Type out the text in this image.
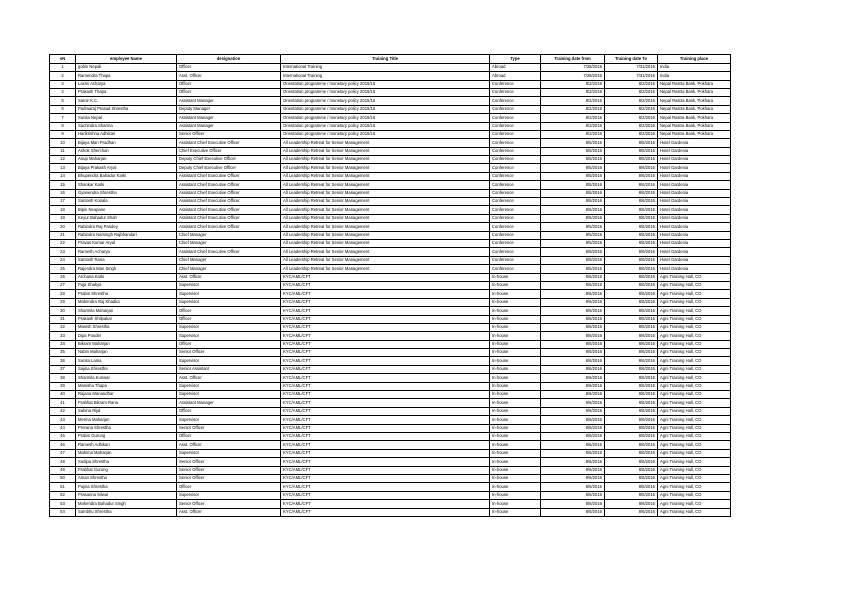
sN	employee Name	designation	Training Title	Type	Training date from	Training date To	Training place
1	gobin Nepali	Officer	International Training	Abroad	7/28/2016	7/31/2016	India
2	Ramendra Thapa	Asst. Officer	International Training	Abroad	7/28/2016	7/31/2016	India
3	Laxmi Acharya	Officer	Orientation programme / monetary policy 2015/16	Conference	8/2/2016	8/2/2016	Nepal Rastra Bank, Pokhara
4	Prakash Thapa	Officer	Orientation programme / monetary policy 2015/16	Conference	8/2/2016	8/2/2016	Nepal Rastra Bank, Pokhara
5	Samir K.C.	Assistant Manager	Orientation programme / monetary policy 2015/16	Conference	8/2/2016	8/2/2016	Nepal Rastra Bank, Pokhara
6	Padmaraj Prasad Shrestha	Deputy Manager	Orientation programme / monetary policy 2015/16	Conference	8/2/2016	8/2/2016	Nepal Rastra Bank, Pokhara
7	Sunita Nepal	Assistant Manager	Orientation programme / monetary policy 2015/16	Conference	8/2/2016	8/2/2016	Nepal Rastra Bank, Pokhara
8	Sachindra Sharma	Assistant Manager	Orientation programme / monetary policy 2015/16	Conference	8/2/2016	8/2/2016	Nepal Rastra Bank, Pokhara
9	Harikrishna Adhikari	Senior Officer	Orientation programme / monetary policy 2015/16	Conference	8/2/2016	8/2/2016	Nepal Rastra Bank, Pokhara
10	Bijaya Man Pradhan	Assistant Chief Executive Officer	All Leadership Retreat for Senior Management	Conference	8/5/2016	8/6/2016	Hotel Gardenia
11	Ashok Sherchan	Chief Executive Officer	All Leadership Retreat for Senior Management	Conference	8/5/2016	8/6/2016	Hotel Gardenia
12	Anup Maharjan	Deputy Chief Executive Officer	All Leadership Retreat for Senior Management	Conference	8/5/2016	8/6/2016	Hotel Gardenia
13	Bijaya Prakash Aryal	Deputy Chief Executive Officer	All Leadership Retreat for Senior Management	Conference	8/5/2016	8/6/2016	Hotel Gardenia
14	Bhupendra Bahadur Karki	Assistant Chief Executive Officer	All Leadership Retreat for Senior Management	Conference	8/5/2016	8/6/2016	Hotel Gardenia
15	Shankar Karki	Assistant Chief Executive Officer	All Leadership Retreat for Senior Management	Conference	8/5/2016	8/6/2016	Hotel Gardenia
16	Gyanendra Shrestha	Assistant Chief Executive Officer	All Leadership Retreat for Senior Management	Conference	8/5/2016	8/6/2016	Hotel Gardenia
17	Santosh Koirala	Assistant Chief Executive Officer	All Leadership Retreat for Senior Management	Conference	8/5/2016	8/6/2016	Hotel Gardenia
18	Bipin Neupane	Assistant Chief Executive Officer	All Leadership Retreat for Senior Management	Conference	8/5/2016	8/6/2016	Hotel Gardenia
19	Keyur Bahadur Shah	Assistant Chief Executive Officer	All Leadership Retreat for Senior Management	Conference	8/5/2016	8/6/2016	Hotel Gardenia
20	Rabindra Raj Pandey	Assistant Chief Executive Officer	All Leadership Retreat for Senior Management	Conference	8/5/2016	8/6/2016	Hotel Gardenia
21	Rabindra Narsingh Rajbhandari	Chief Manager	All Leadership Retreat for Senior Management	Conference	8/5/2016	8/6/2016	Hotel Gardenia
22	Pravas Kumar Aryal	Chief Manager	All Leadership Retreat for Senior Management	Conference	8/5/2016	8/6/2016	Hotel Gardenia
23	Ramesh Acharya	Assistant Chief Executive Officer	All Leadership Retreat for Senior Management	Conference	8/5/2016	8/6/2016	Hotel Gardenia
24	Santosh Rana	Chief Manager	All Leadership Retreat for Senior Management	Conference	8/5/2016	8/6/2016	Hotel Gardenia
25	Rajendra Man Singh	Chief Manager	All Leadership Retreat for Senior Management	Conference	8/5/2016	8/6/2016	Hotel Gardenia
26	Archana Karki	Asst. Officer	KYC/AML/CFT	In-house	8/6/2016	8/6/2016	Agni Training Hall, CO
27	Puja Shakya	Supervisor	KYC/AML/CFT	In-house	8/6/2016	8/6/2016	Agni Training Hall, CO
28	Prabin Shrestha	Supervisor	KYC/AML/CFT	In-house	8/6/2016	8/6/2016	Agni Training Hall, CO
29	Mahendra Raj Khadka	Supervisor	KYC/AML/CFT	In-house	8/6/2016	8/6/2016	Agni Training Hall, CO
30	Sharmila Maharjan	Officer	KYC/AML/CFT	In-house	8/6/2016	8/6/2016	Agni Training Hall, CO
31	Prakash Shilpakar	Officer	KYC/AML/CFT	In-house	8/6/2016	8/6/2016	Agni Training Hall, CO
32	Manish Shrestha	Supervisor	KYC/AML/CFT	In-house	8/6/2016	8/6/2016	Agni Training Hall, CO
33	Dipa Poudel	Supervisor	KYC/AML/CFT	In-house	8/6/2016	8/6/2016	Agni Training Hall, CO
34	Bikram Maharjan	Officer	KYC/AML/CFT	In-house	8/6/2016	8/6/2016	Agni Training Hall, CO
35	Nabin Maharjan	Senior Officer	KYC/AML/CFT	In-house	8/6/2016	8/6/2016	Agni Training Hall, CO
36	Sunita Lama	Supervisor	KYC/AML/CFT	In-house	8/6/2016	8/6/2016	Agni Training Hall, CO
37	Sajina Shrestha	Senior Assistant	KYC/AML/CFT	In-house	8/6/2016	8/6/2016	Agni Training Hall, CO
38	Sharmila Kunwar	Asst. Officer	KYC/AML/CFT	In-house	8/6/2016	8/6/2016	Agni Training Hall, CO
39	Manisha Thapa	Supervisor	KYC/AML/CFT	In-house	8/6/2016	8/6/2016	Agni Training Hall, CO
40	Rajana Manandhar	Supervisor	KYC/AML/CFT	In-house	8/6/2016	8/6/2016	Agni Training Hall, CO
41	Prabhat Bikram Rana	Assistant Manager	KYC/AML/CFT	In-house	8/6/2016	8/6/2016	Agni Training Hall, CO
42	Sabina Rijal	Officer	KYC/AML/CFT	In-house	8/6/2016	8/6/2016	Agni Training Hall, CO
43	Merina Maharjan	Supervisor	KYC/AML/CFT	In-house	8/6/2016	8/6/2016	Agni Training Hall, CO
44	Prerana Shrestha	Senior Officer	KYC/AML/CFT	In-house	8/6/2016	8/6/2016	Agni Training Hall, CO
45	Prabin Gurung	Officer	KYC/AML/CFT	In-house	8/6/2016	8/6/2016	Agni Training Hall, CO
46	Ramesh Adhikari	Asst. Officer	KYC/AML/CFT	In-house	8/6/2016	8/6/2016	Agni Training Hall, CO
47	Mahima Maharjan	Supervisor	KYC/AML/CFT	In-house	8/6/2016	8/6/2016	Agni Training Hall, CO
48	Sudipa Shrestha	Senior Officer	KYC/AML/CFT	In-house	8/6/2016	8/6/2016	Agni Training Hall, CO
49	Prabhat Gurung	Senior Officer	KYC/AML/CFT	In-house	8/6/2016	8/6/2016	Agni Training Hall, CO
50	Aman Shrestha	Senior Officer	KYC/AML/CFT	In-house	8/6/2016	8/6/2016	Agni Training Hall, CO
51	Pujina Shrestha	Officer	KYC/AML/CFT	In-house	8/6/2016	8/6/2016	Agni Training Hall, CO
52	Prasanna Silwal	Supervisor	KYC/AML/CFT	In-house	8/6/2016	8/6/2016	Agni Training Hall, CO
53	Mahendra Bahadur Singh	Senior Officer	KYC/AML/CFT	In-house	8/6/2016	8/6/2016	Agni Training Hall, CO
54	Sambhu Shrestha	Asst. Officer	KYC/AML/CFT	In-house	8/6/2016	8/6/2016	Agni Training Hall, CO
